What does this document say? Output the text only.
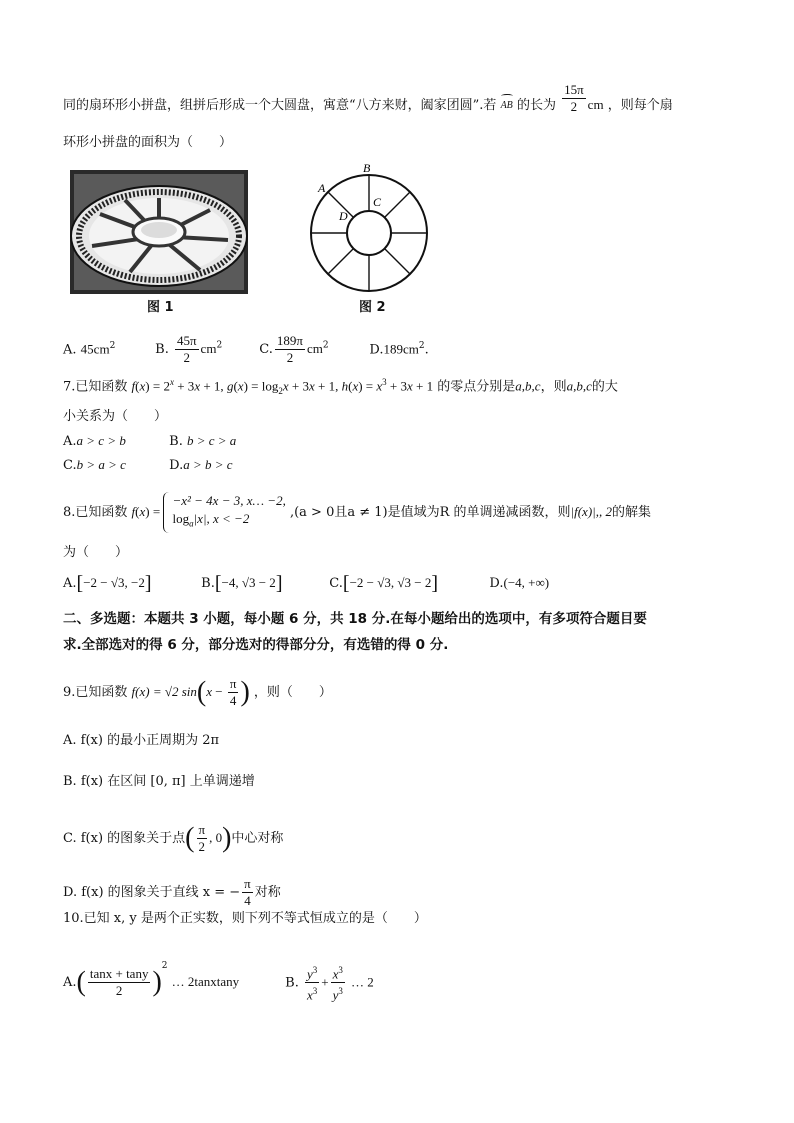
同的扇环形小拼盘，组拼后形成一个大圆盘，寓意“八方来财，阖家团圆”.若 AB 的长为 $\frac{15\pi}{2}$ cm ，则每个扇
环形小拼盘的面积为（　　）
图 1
B
A
C
D
图 2
A. $45cm^2$	B. $\frac{45\pi}{2} cm^2$	C. $\frac{189\pi}{2} cm^2$	$D.189cm^2$.
7.已知函数 $f(x) = 2^x + 3x + 1$, $g(x) = \log_2x + 3x + 1$, $h(x) = x^3 + 3x + 1$ 的零点分别是a,b,c，则a,b,c的大
小关系为（　　）
A.a > c > b	B. b > c > a
C.b > a > c	D.a > b > c
8.已知函数 f(x) =
−x² − 4x − 3, x… −2,
$\log_a|x|$, x < −2	,(a > 0且a ≠ 1)是值域为R 的单调递减函数，则|f(x)|,, 2的解集
为（　　）
A.[−2 − √3, −2]	B.[−4, √3 − 2]	C.[−2 − √3, √3 − 2]	D.(−4, +∞)
二、多选题：本题共 3 小题，每小题 6 分，共 18 分.在每小题给出的选项中，有多项符合题目要
求.全部选对的得 6 分，部分选对的得部分分，有选错的得 0 分.
9.已知函数 f(x) = √2 $\sin(x - \frac{\pi}{4}$ ) ，则（　　）
A. f(x) 的最小正周期为 2π
B. f(x) 在区间 [0, π] 上单调递增
C. f(x) 的图象关于点( $\frac{\pi}{2}$ , 0)中心对称
D. f(x) 的图象关于直线 x = − $\frac{\pi}{4}$ 对称
10.已知 x, y 是两个正实数，则下列不等式恒成立的是（　　）
$A.( \frac{\tan x + \tan y}{2} )^2$ … 2tanxtany	B. $\frac{y^3}{x^3} + \frac{x^3}{y^3}$ … 2
